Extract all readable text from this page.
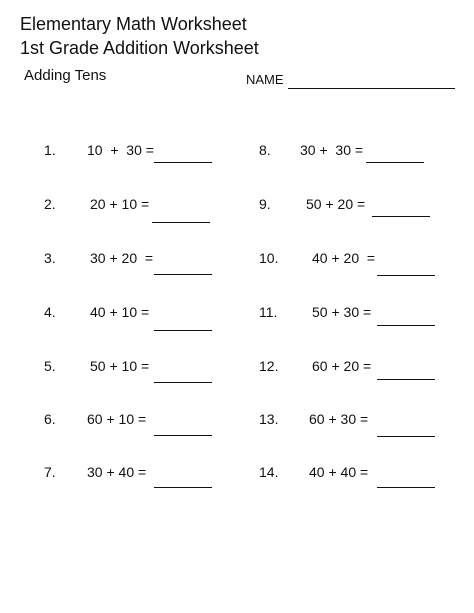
Elementary Math Worksheet
1st Grade Addition Worksheet
Adding Tens	NAME
1. 10  +  30 =
2. 20 + 10 =
3. 30 + 20  =
4. 40 + 10 =
5. 50 + 10 =
6. 60 + 10 =
7. 30 + 40 =
8. 30 +  30 =
9.	50 + 20 =
10. 40 + 20  =
11. 50 + 30 =
12. 60 + 20 =
13. 60 + 30 =
14. 40 + 40 =
